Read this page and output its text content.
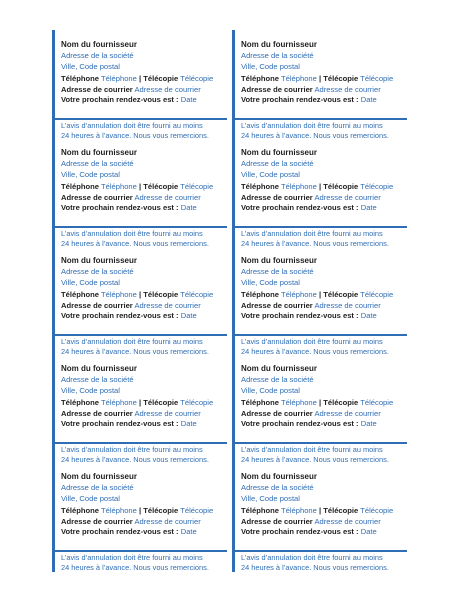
Nom du fournisseur
Adresse de la société
Ville, Code postal
Téléphone Téléphone | Télécopie Télécopie
Adresse de courrier Adresse de courrier
Votre prochain rendez-vous est : Date
L’avis d’annulation doit être fourni au moins
24 heures à l’avance. Nous vous remercions.
Nom du fournisseur
Adresse de la société
Ville, Code postal
Téléphone Téléphone | Télécopie Télécopie
Adresse de courrier Adresse de courrier
Votre prochain rendez-vous est : Date
L’avis d’annulation doit être fourni au moins
24 heures à l’avance. Nous vous remercions.
Nom du fournisseur
Adresse de la société
Ville, Code postal
Téléphone Téléphone | Télécopie Télécopie
Adresse de courrier Adresse de courrier
Votre prochain rendez-vous est : Date
L’avis d’annulation doit être fourni au moins
24 heures à l’avance. Nous vous remercions.
Nom du fournisseur
Adresse de la société
Ville, Code postal
Téléphone Téléphone | Télécopie Télécopie
Adresse de courrier Adresse de courrier
Votre prochain rendez-vous est : Date
L’avis d’annulation doit être fourni au moins
24 heures à l’avance. Nous vous remercions.
Nom du fournisseur
Adresse de la société
Ville, Code postal
Téléphone Téléphone | Télécopie Télécopie
Adresse de courrier Adresse de courrier
Votre prochain rendez-vous est : Date
L’avis d’annulation doit être fourni au moins
24 heures à l’avance. Nous vous remercions.
Nom du fournisseur
Adresse de la société
Ville, Code postal
Téléphone Téléphone | Télécopie Télécopie
Adresse de courrier Adresse de courrier
Votre prochain rendez-vous est : Date
L’avis d’annulation doit être fourni au moins
24 heures à l’avance. Nous vous remercions.
Nom du fournisseur
Adresse de la société
Ville, Code postal
Téléphone Téléphone | Télécopie Télécopie
Adresse de courrier Adresse de courrier
Votre prochain rendez-vous est : Date
L’avis d’annulation doit être fourni au moins
24 heures à l’avance. Nous vous remercions.
Nom du fournisseur
Adresse de la société
Ville, Code postal
Téléphone Téléphone | Télécopie Télécopie
Adresse de courrier Adresse de courrier
Votre prochain rendez-vous est : Date
L’avis d’annulation doit être fourni au moins
24 heures à l’avance. Nous vous remercions.
Nom du fournisseur
Adresse de la société
Ville, Code postal
Téléphone Téléphone | Télécopie Télécopie
Adresse de courrier Adresse de courrier
Votre prochain rendez-vous est : Date
L’avis d’annulation doit être fourni au moins
24 heures à l’avance. Nous vous remercions.
Nom du fournisseur
Adresse de la société
Ville, Code postal
Téléphone Téléphone | Télécopie Télécopie
Adresse de courrier Adresse de courrier
Votre prochain rendez-vous est : Date
L’avis d’annulation doit être fourni au moins
24 heures à l’avance. Nous vous remercions.
